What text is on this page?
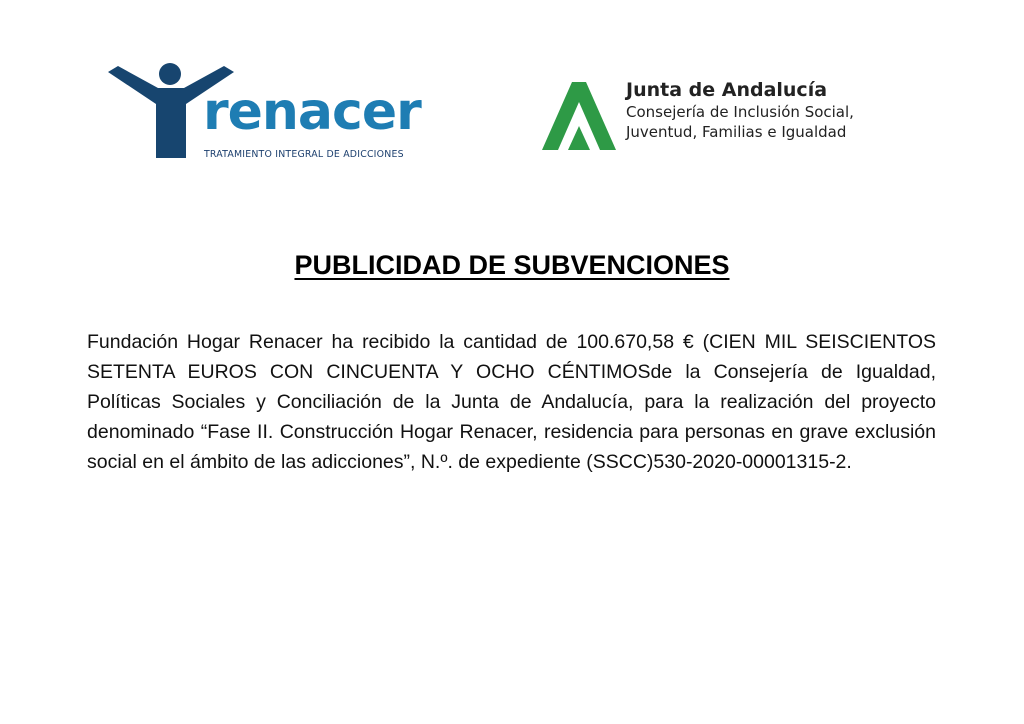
renacer
TRATAMIENTO INTEGRAL DE ADICCIONES
Junta de Andalucía
Consejería de Inclusión Social,
Juventud, Familias e Igualdad
PUBLICIDAD DE SUBVENCIONES

Fundación Hogar Renacer ha recibido la cantidad de 100.670,58 € (CIEN MIL SEISCIENTOS SETENTA EUROS CON CINCUENTA Y OCHO CÉNTIMOSde la Consejería de Igualdad, Políticas Sociales y Conciliación de la Junta de Andalucía, para la realización del proyecto denominado “Fase II. Construcción Hogar Renacer, residencia para personas en grave exclusión social en el ámbito de las adicciones”, N.º. de expediente (SSCC)530-2020-00001315-2.
